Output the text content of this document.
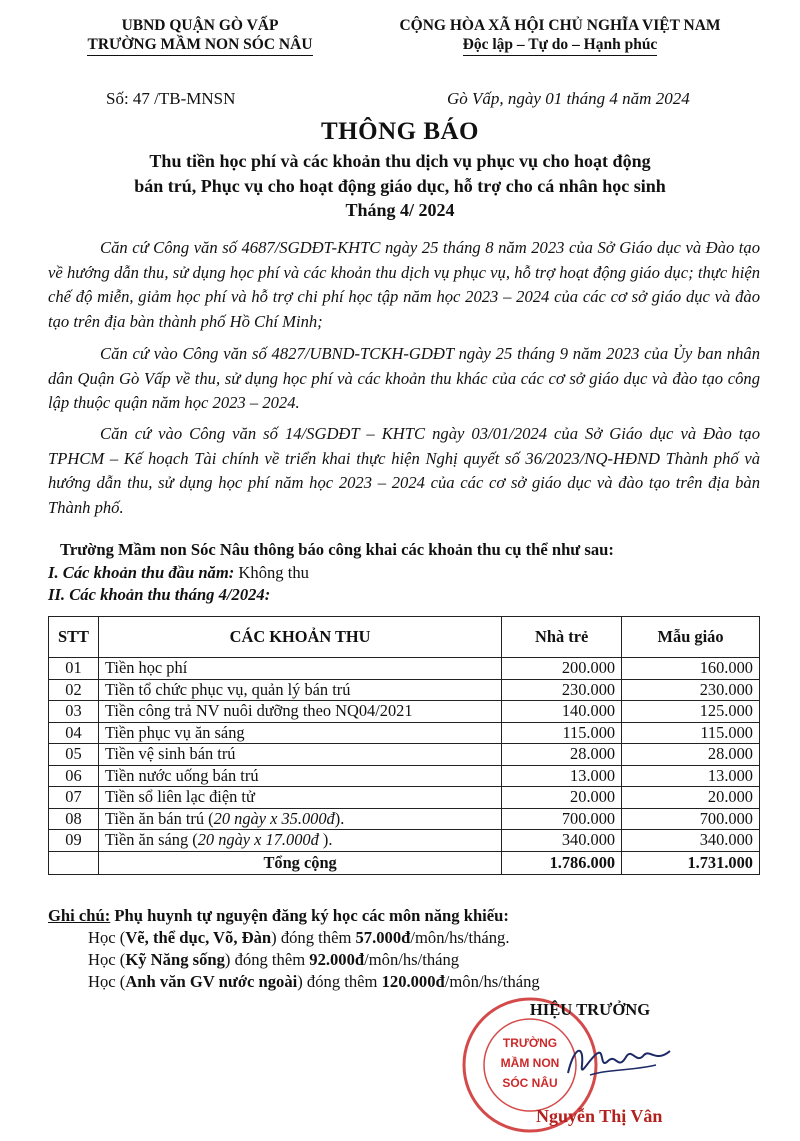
UBND QUẬN GÒ VẤP
TRƯỜNG MẦM NON SÓC NÂU
CỘNG HÒA XÃ HỘI CHỦ NGHĨA VIỆT NAM
Độc lập – Tự do – Hạnh phúc
Số: 47 /TB-MNSN	Gò Vấp, ngày 01 tháng 4 năm 2024
THÔNG BÁO
Thu tiền học phí và các khoản thu dịch vụ phục vụ cho hoạt động
bán trú, Phục vụ cho hoạt động giáo dục, hỗ trợ cho cá nhân học sinh
Tháng 4/ 2024
Căn cứ Công văn số 4687/SGDĐT-KHTC ngày 25 tháng 8 năm 2023 của Sở Giáo dục và Đào tạo về hướng dẫn thu, sử dụng học phí và các khoản thu dịch vụ phục vụ, hỗ trợ hoạt động giáo dục; thực hiện chế độ miễn, giảm học phí và hỗ trợ chi phí học tập năm học 2023 – 2024 của các cơ sở giáo dục và đào tạo trên địa bàn thành phố Hồ Chí Minh;
Căn cứ vào Công văn số 4827/UBND-TCKH-GDĐT ngày 25 tháng 9 năm 2023 của Ủy ban nhân dân Quận Gò Vấp về thu, sử dụng học phí và các khoản thu khác của các cơ sở giáo dục và đào tạo công lập thuộc quận năm học 2023 – 2024.
Căn cứ vào Công văn số 14/SGDĐT – KHTC ngày 03/01/2024 của Sở Giáo dục và Đào tạo TPHCM – Kế hoạch Tài chính về triển khai thực hiện Nghị quyết số 36/2023/NQ-HĐND Thành phố và hướng dẫn thu, sử dụng học phí năm học 2023 – 2024 của các cơ sở giáo dục và đào tạo trên địa bàn Thành phố.
Trường Mầm non Sóc Nâu thông báo công khai các khoản thu cụ thể như sau:
I. Các khoản thu đầu năm: Không thu
II. Các khoản thu tháng 4/2024:
STT	CÁC KHOẢN THU	Nhà trẻ	Mẫu giáo
01	Tiền học phí	200.000	160.000
02	Tiền tổ chức phục vụ, quản lý bán trú	230.000	230.000
03	Tiền công trả NV nuôi dưỡng theo NQ04/2021	140.000	125.000
04	Tiền phục vụ ăn sáng	115.000	115.000
05	Tiền vệ sinh bán trú	28.000	28.000
06	Tiền nước uống bán trú	13.000	13.000
07	Tiền sổ liên lạc điện tử	20.000	20.000
08	Tiền ăn bán trú (20 ngày x 35.000đ).	700.000	700.000
09	Tiền ăn sáng (20 ngày x 17.000đ ).	340.000	340.000
	Tổng cộng	1.786.000	1.731.000
Ghi chú: Phụ huynh tự nguyện đăng ký học các môn năng khiếu:
Học (Vẽ, thể dục, Võ, Đàn) đóng thêm 57.000đ/môn/hs/tháng.
Học (Kỹ Năng sống) đóng thêm 92.000đ/môn/hs/tháng
Học (Anh văn GV nước ngoài) đóng thêm 120.000đ/môn/hs/tháng
TRƯỜNG
MẦM NON
SÓC NÂU
HIỆU TRƯỞNG
Nguyễn Thị Vân
